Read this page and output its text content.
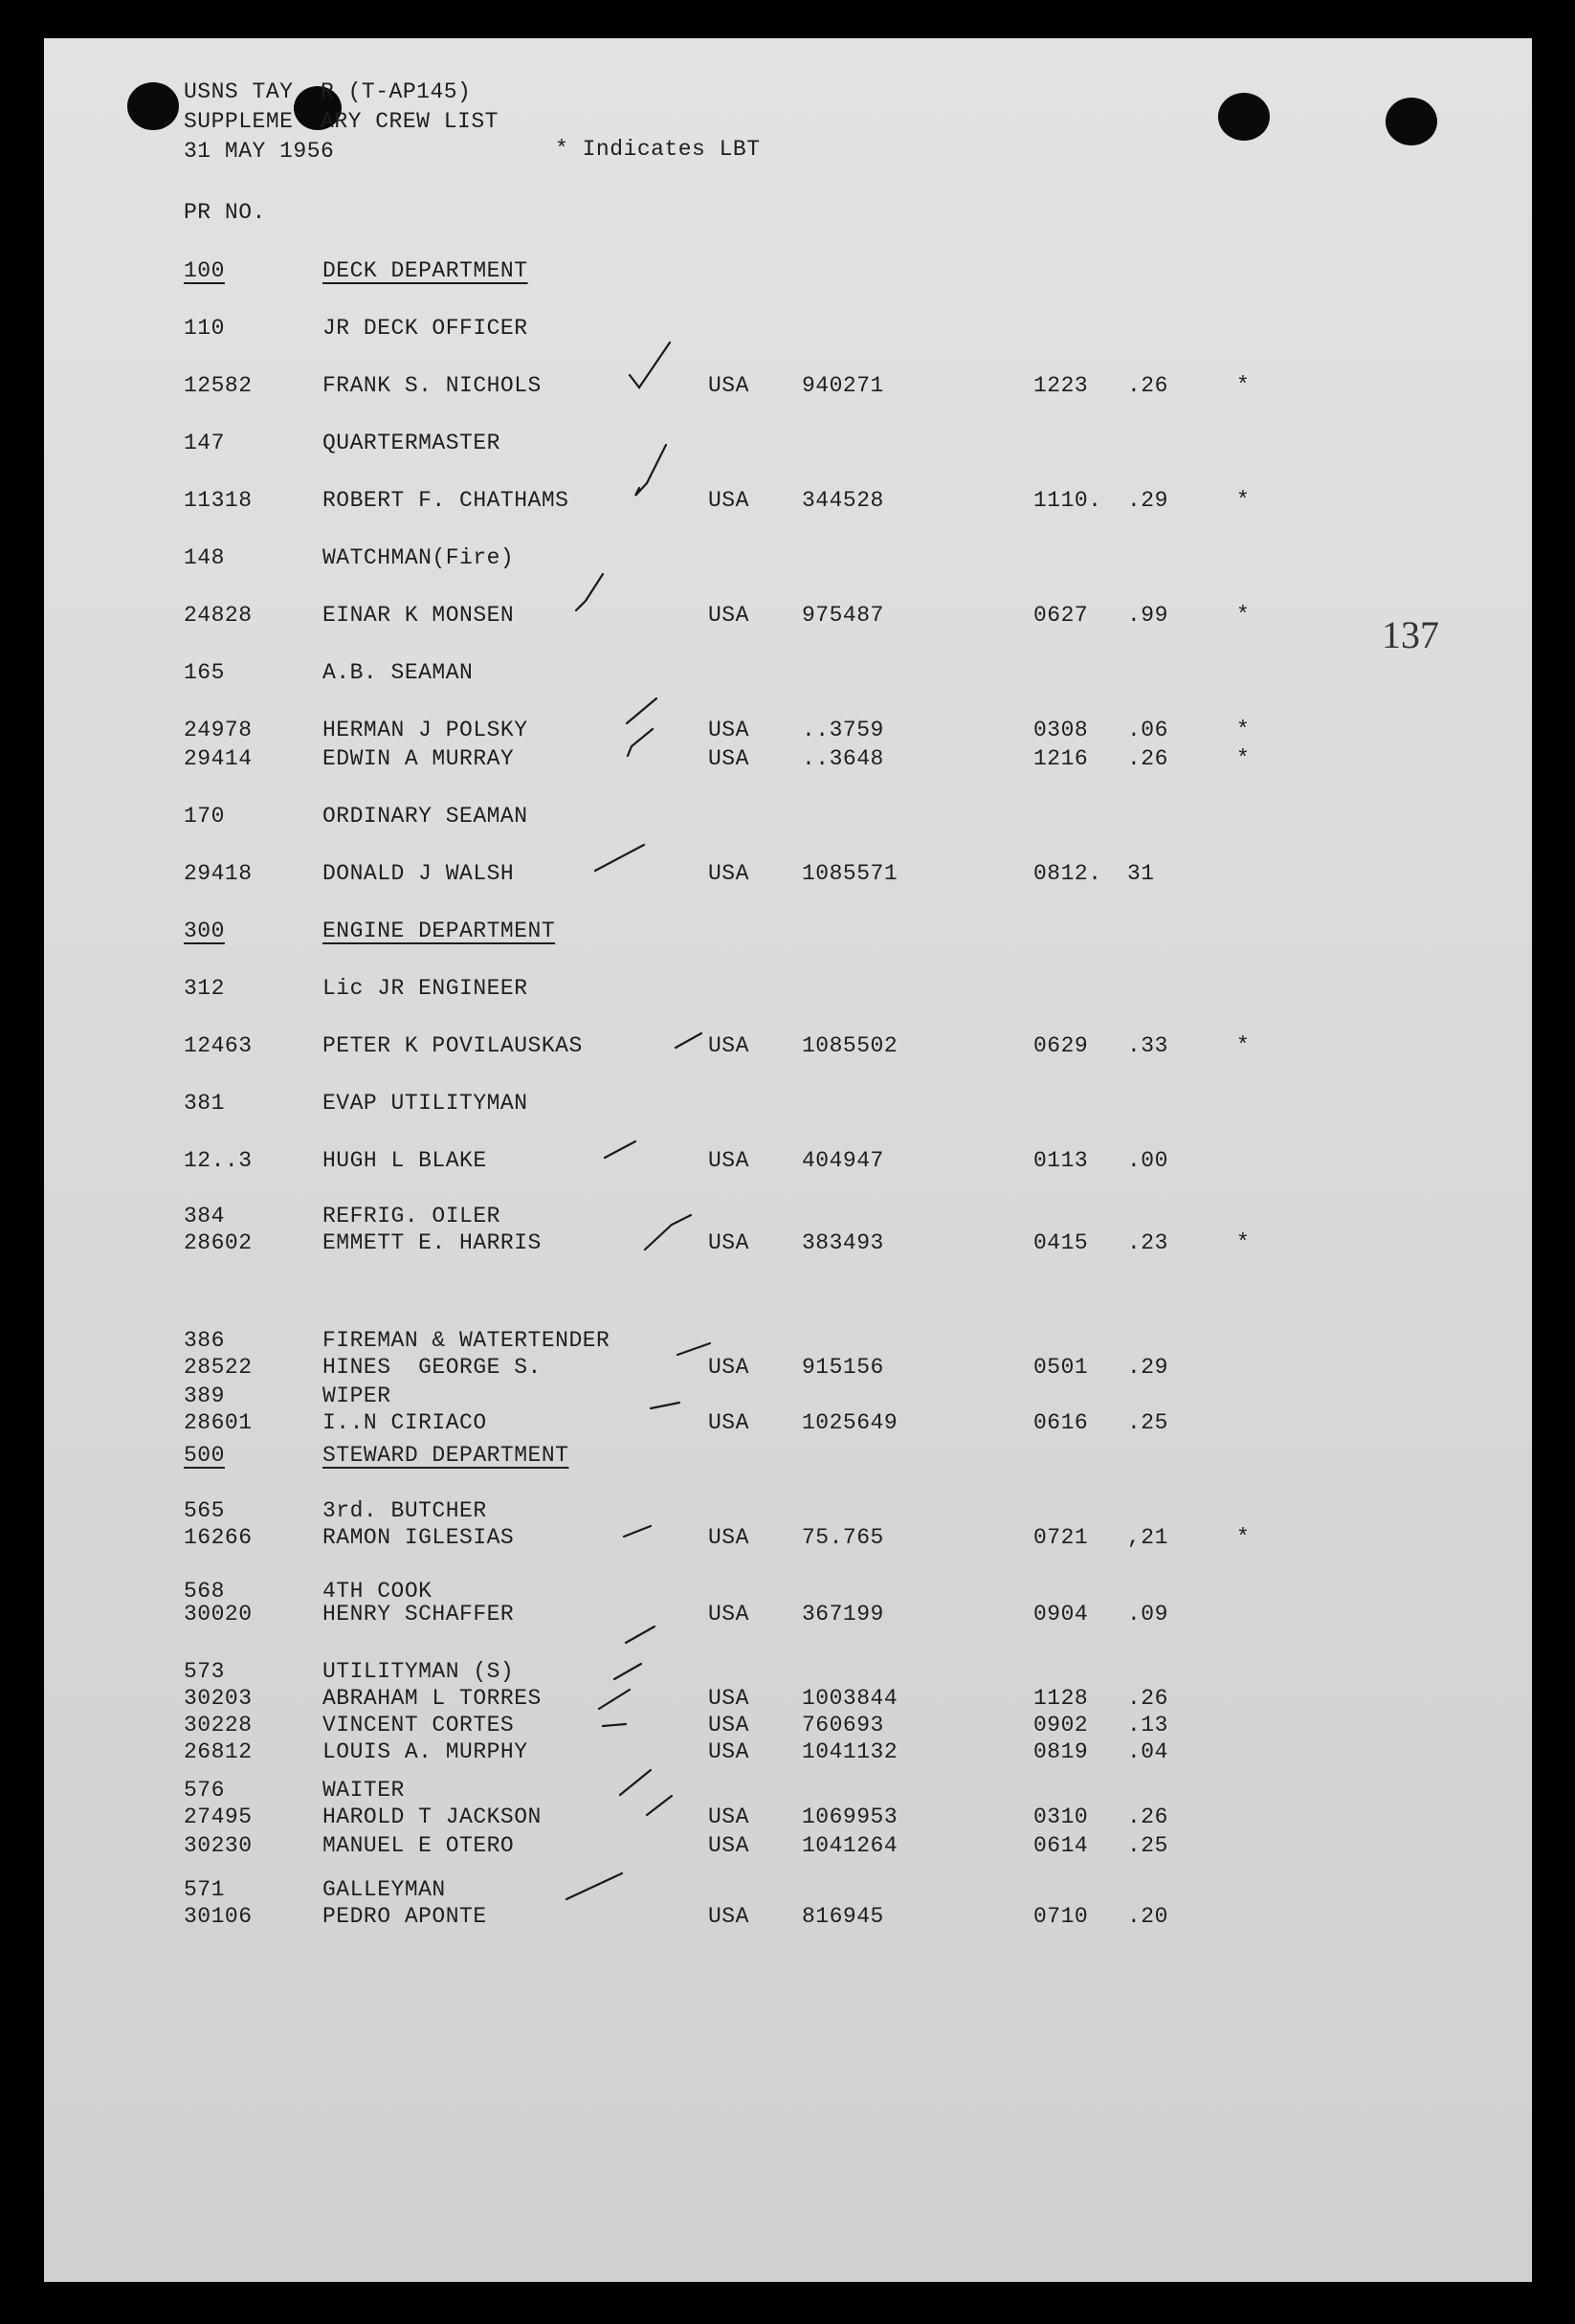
USNS TAY  R (T-AP145)
SUPPLEME  ARY CREW LIST
31 MAY 1956	* Indicates LBT
PR NO.
137
100	DECK DEPARTMENT
110	JR DECK OFFICER
12582	FRANK S. NICHOLS	USA 940271	1223 .26	*
147	QUARTERMASTER
11318	ROBERT F. CHATHAMS	USA 344528	1110. .29	*
148	WATCHMAN(Fire)
24828	EINAR K MONSEN	USA 975487	0627 .99	*
165	A.B. SEAMAN
24978	HERMAN J POLSKY	USA ..3759	0308 .06	*
29414	EDWIN A MURRAY	USA ..3648	1216 .26	*
170	ORDINARY SEAMAN
29418	DONALD J WALSH	USA 1085571	0812. 31
300	ENGINE DEPARTMENT
312	Lic JR ENGINEER
12463	PETER K POVILAUSKAS	USA 1085502	0629 .33	*
381	EVAP UTILITYMAN
12..3	HUGH L BLAKE	USA 404947	0113 .00
384	REFRIG. OILER
28602	EMMETT E. HARRIS	USA 383493	0415 .23	*
386	FIREMAN & WATERTENDER
28522	HINES  GEORGE S.	USA 915156	0501 .29
389	WIPER
28601	I..N CIRIACO	USA 1025649	0616 .25
500	STEWARD DEPARTMENT
565	3rd. BUTCHER
16266	RAMON IGLESIAS	USA 75.765	0721 ,21	*
568	4TH COOK
30020	HENRY SCHAFFER	USA 367199	0904 .09
573	UTILITYMAN (S)
30203	ABRAHAM L TORRES	USA 1003844	1128 .26
30228	VINCENT CORTES	USA 760693	0902 .13
26812	LOUIS A. MURPHY	USA 1041132	0819 .04
576	WAITER
27495	HAROLD T JACKSON	USA 1069953	0310 .26
30230	MANUEL E OTERO	USA 1041264	0614 .25
571	GALLEYMAN
30106	PEDRO APONTE	USA 816945	0710 .20
